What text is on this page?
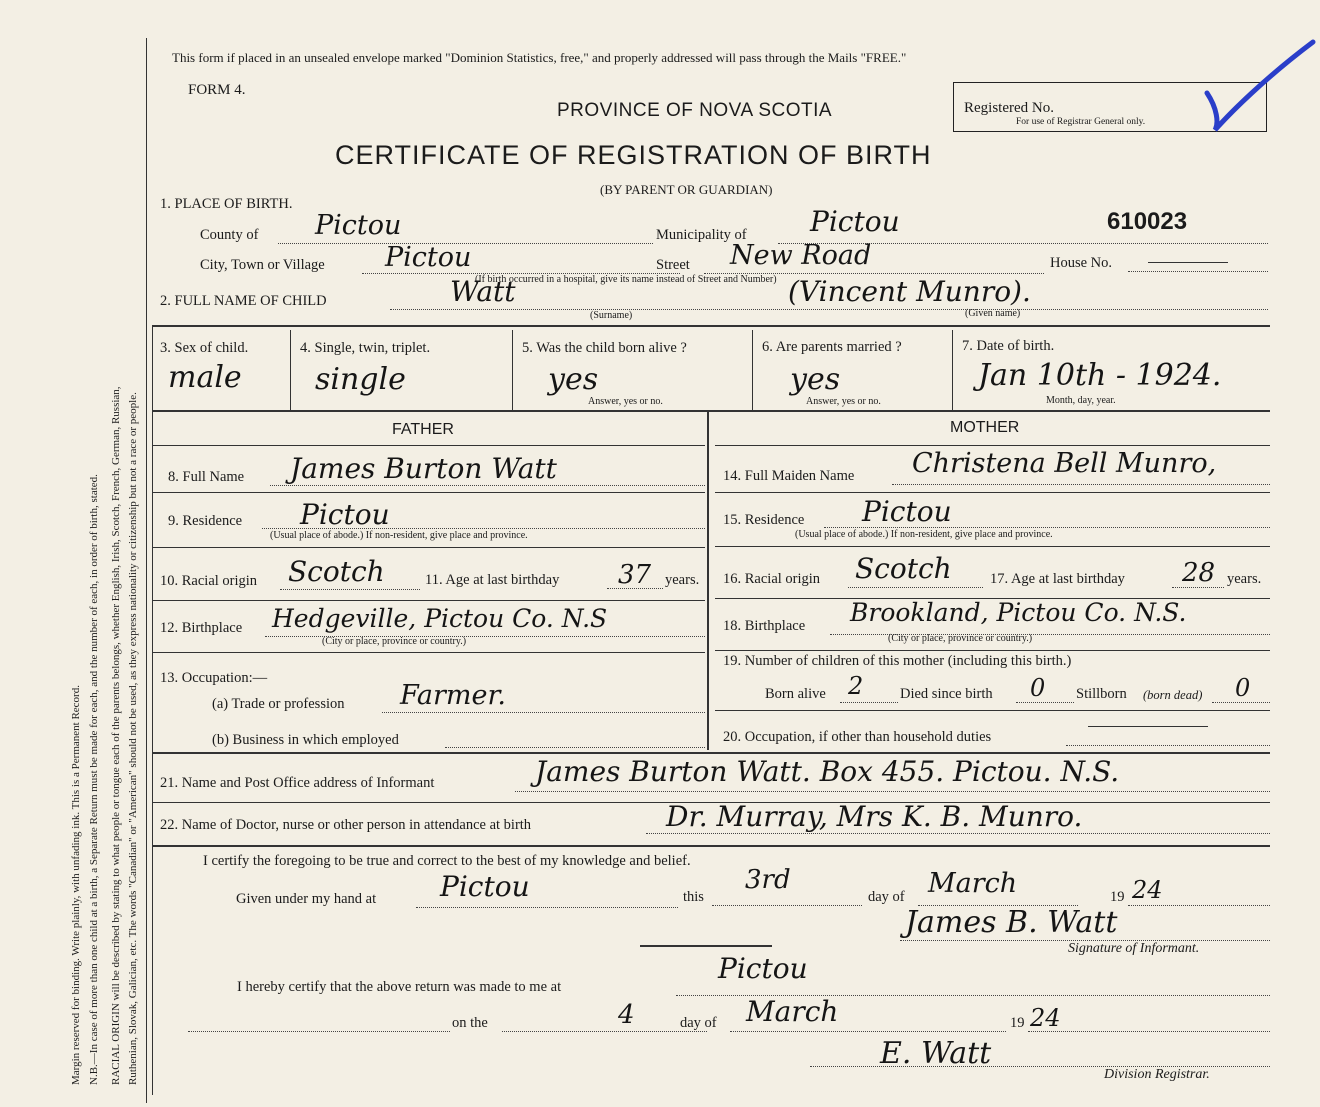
Margin reserved for binding. Write plainly, with unfading ink. This is a Permanent Record. N.B.—In case of more than one child at a birth, a Separate Return must be made for each, and the number of each, in order of birth, stated. RACIAL ORIGIN will be described by stating to what people or tongue each of the parents belongs, whether English, Irish, Scotch, French, German, Russian, Ruthenian, Slovak, Galician, etc. The words "Canadian" or "American" should not be used, as they express nationality or citizenship but not a race or people.
This form if placed in an unsealed envelope marked "Dominion Statistics, free," and properly addressed will pass through the Mails "FREE."
FORM 4.
PROVINCE OF NOVA SCOTIA
CERTIFICATE OF REGISTRATION OF BIRTH
(BY PARENT OR GUARDIAN)
Registered No.
For use of Registrar General only.
610023
1. PLACE OF BIRTH.
County of Pictou	Municipality of Pictou
City, Town or Village Pictou
(If birth occurred in a hospital, give its name instead of Street and Number)
Street New Road	House No.
2. FULL NAME OF CHILD	Watt	(Vincent Munro).
(Surname)	(Given name)
3. Sex of child.
male
4. Single, twin, triplet.
single
5. Was the child born alive ?
yes
Answer, yes or no.
6. Are parents married ?
yes
Answer, yes or no.
7. Date of birth.
Jan 10th - 1924.
Month, day, year.
FATHER	MOTHER
8. Full Name James Burton Watt
9. Residence Pictou
(Usual place of abode.) If non-resident, give place and province.
10. Racial origin Scotch	11. Age at last birthday 37 years.
12. Birthplace Hedgeville, Pictou Co. N.S
(City or place, province or country.)
13. Occupation:—
(a) Trade or profession Farmer.
(b) Business in which employed
14. Full Maiden Name Christena Bell Munro,
15. Residence Pictou
(Usual place of abode.) If non-resident, give place and province.
16. Racial origin Scotch	17. Age at last birthday 28 years.
18. Birthplace Brookland, Pictou Co. N.S.
(City or place, province or country.)
19. Number of children of this mother (including this birth.)
Born alive 2	Died since birth 0 Stillborn (born dead) 0
20. Occupation, if other than household duties
21. Name and Post Office address of Informant	James Burton Watt. Box 455. Pictou. N.S.
22. Name of Doctor, nurse or other person in attendance at birth	Dr. Murray, Mrs K. B. Munro.
I certify the foregoing to be true and correct to the best of my knowledge and belief.
Given under my hand at Pictou	this
3rd
day of March	19 24
James B. Watt
Signature of Informant.
I hereby certify that the above return was made to me at
Pictou
on the	4	day of March	19 24
E. Watt
Division Registrar.
